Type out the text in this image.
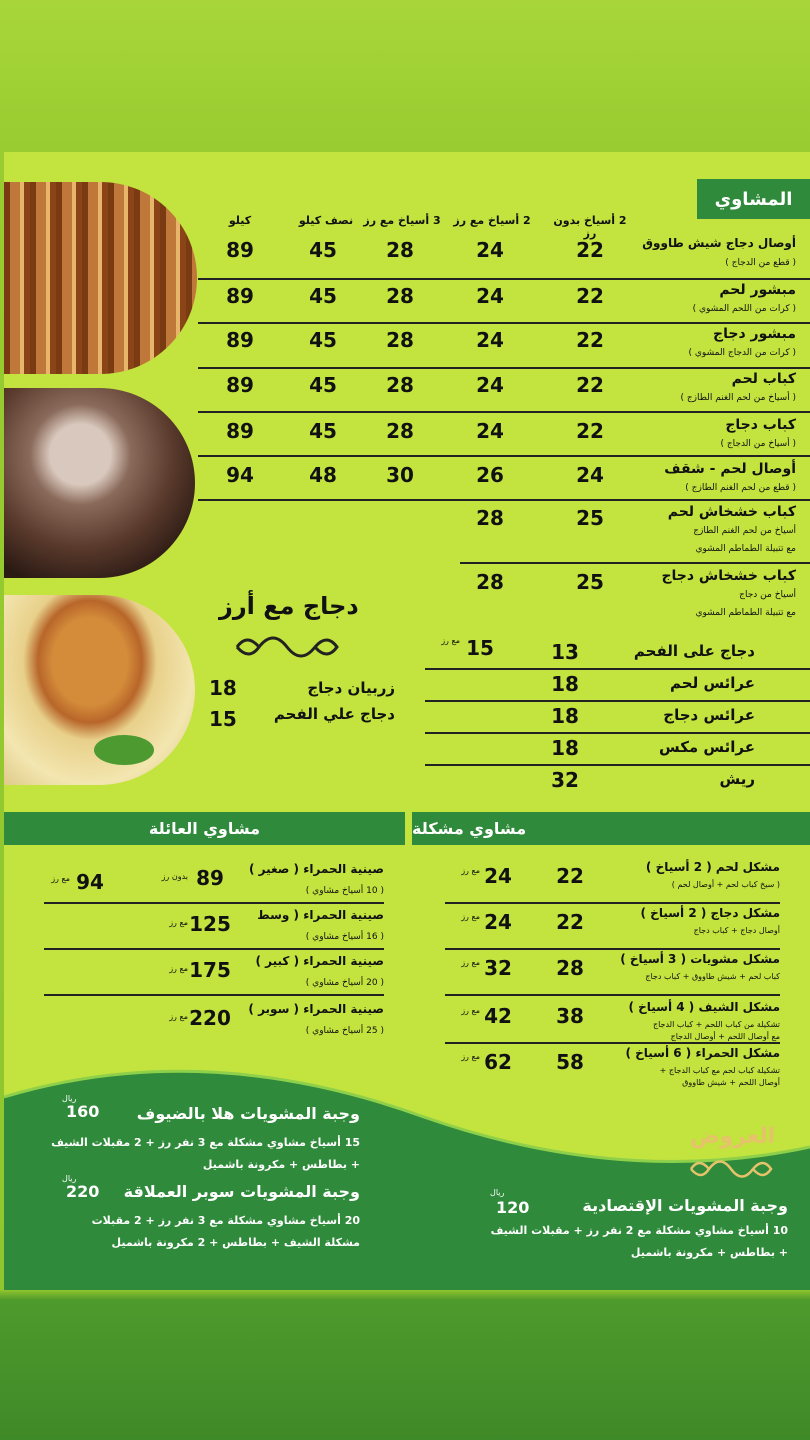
المشاوي
2 أسياخ بدون رز
2 أسياخ مع رز
3 أسياخ مع رز
نصف كيلو
كيلو
أوصال دجاج شيش طاووق
( قطع من الدجاج )
22
24
28
45
89
مبشور لحم
( كرات من اللحم المشوي )
22
24
28
45
89
مبشور دجاج
( كرات من الدجاج المشوي )
22
24
28
45
89
كباب لحم
( أسياخ من لحم الغنم الطازج )
22
24
28
45
89
كباب دجاج
( أسياخ من الدجاج )
22
24
28
45
89
أوصال لحم - شقف
( قطع من لحم الغنم الطازج )
24
26
30
48
94
كباب خشخاش لحم
أسياخ من لحم الغنم الطازج
مع تتبيلة الطماطم المشوي
25
28
كباب خشخاش دجاج
أسياخ من دجاج
مع تتبيلة الطماطم المشوي
25
28
دجاج مع أرز
زربيان دجاج
18
دجاج علي الفحم
15
دجاج على الفحم
13
15
مع رز
عرائس لحم
18
عرائس دجاج
18
عرائس مكس
18
ريش
32
مشاوي العائلة	مشاوي مشكلة
مشكل لحم ( 2 أسياخ )
( سيخ كباب لحم + أوصال لحم )
22
24
مع رز
مشكل دجاج ( 2 أسياخ )
أوصال دجاج + كباب دجاج
22
24
مع رز
مشكل مشويات ( 3 أسياخ )
كباب لحم + شيش طاووق + كباب دجاج
28
32
مع رز
مشكل الشيف ( 4 أسياخ )
تشكيلة من كباب اللحم + كباب الدجاج
مع أوصال اللحم + أوصال الدجاج
38
42
مع رز
مشكل الحمراء ( 6 أسياخ )
تشكيلة كباب لحم مع كباب الدجاج +
أوصال اللحم + شيش طاووق
58
62
مع رز
صينية الحمراء ( صغير )
( 10 أسياخ مشاوي )
89
بدون رز
94
مع رز
صينية الحمراء ( وسط
( 16 أسياخ مشاوي )
125
مع رز
صينية الحمراء ( كبير )
( 20 أسياخ مشاوي )
175
مع رز
صينية الحمراء ( سوبر )
( 25 أسياخ مشاوي )
220
مع رز
العروض
وجبة المشويات هلا بالضيوف
160
ريال
15 أسياخ مشاوي مشكلة مع 3 نفر رز + 2 مقبلات الشيف
+ بطاطس + مكرونة باشميل
وجبة المشويات سوبر العملاقة
220
ريال
20 أسياخ مشاوي مشكلة مع 3 نفر رز + 2 مقبلات
مشكلة الشيف + بطاطس + 2 مكرونة باشميل
وجبة المشويات الإقتصادية
120
ريال
10 أسياخ مشاوي مشكلة مع 2 نفر رز + مقبلات الشيف
+ بطاطس + مكرونة باشميل
